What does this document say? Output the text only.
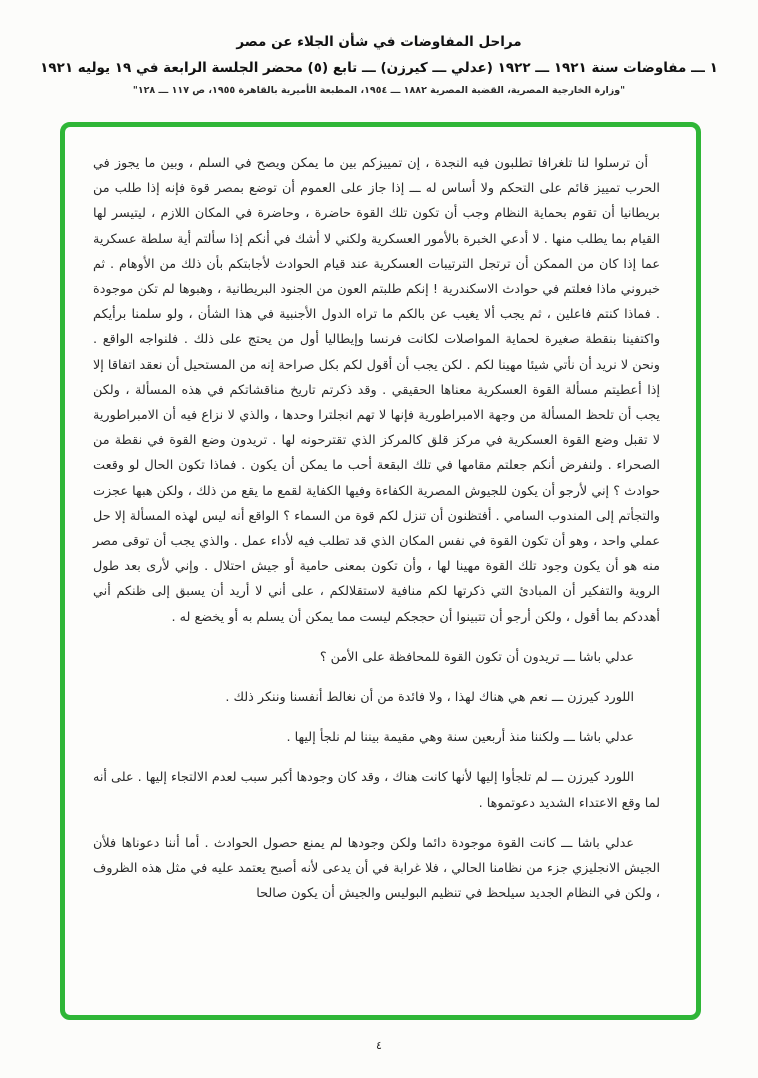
مراحل المفاوضات في شأن الجلاء عن مصر
١ ـــ مفاوضات سنة ١٩٢١ ـــ ١٩٢٢ (عدلي ـــ كيرزن) ـــ تابع (٥) محضر الجلسة الرابعة في ١٩ يوليه ١٩٢١
"وزارة الخارجية المصرية، القضية المصرية ١٨٨٢ ـــ ١٩٥٤، المطبعة الأميرية بالقاهرة ١٩٥٥، ص ١١٧ ـــ ١٢٨"

أن ترسلوا لنا تلغرافا تطلبون فيه النجدة ، إن تمييزكم بين ما يمكن ويصح في السلم ، وبين ما يجوز في الحرب تمييز قائم على التحكم ولا أساس له ـــ إذا جاز على العموم أن توضع بمصر قوة فإنه إذا طلب من بريطانيا أن تقوم بحماية النظام وجب أن تكون تلك القوة حاضرة ، وحاضرة في المكان اللازم ، ليتيسر لها القيام بما يطلب منها . لا أدعي الخبرة بالأمور العسكرية ولكني لا أشك في أنكم إذا سألتم أية سلطة عسكرية عما إذا كان من الممكن أن ترتجل الترتيبات العسكرية عند قيام الحوادث لأجابتكم بأن ذلك من الأوهام . ثم خبروني ماذا فعلتم في حوادث الاسكندرية ! إنكم طلبتم العون من الجنود البريطانية ، وهبوها لم تكن موجودة . فماذا كنتم فاعلين ، ثم يجب ألا يغيب عن بالكم ما تراه الدول الأجنبية في هذا الشأن ، ولو سلمنا برأيكم واكتفينا بنقطة صغيرة لحماية المواصلات لكانت فرنسا وإيطاليا أول من يحتج على ذلك . فلنواجه الواقع . ونحن لا نريد أن نأتي شيئا مهينا لكم . لكن يجب أن أقول لكم بكل صراحة إنه من المستحيل أن نعقد اتفاقا إلا إذا أعطيتم مسألة القوة العسكرية معناها الحقيقي . وقد ذكرتم تاريخ مناقشاتكم في هذه المسألة ، ولكن يجب أن تلحظ المسألة من وجهة الامبراطورية فإنها لا تهم انجلترا وحدها ، والذي لا نزاع فيه أن الامبراطورية لا تقبل وضع القوة العسكرية في مركز قلق كالمركز الذي تقترحونه لها . تريدون وضع القوة في نقطة من الصحراء . ولنفرض أنكم جعلتم مقامها في تلك البقعة أحب ما يمكن أن يكون . فماذا تكون الحال لو وقعت حوادث ؟ إني لأرجو أن يكون للجيوش المصرية الكفاءة وفيها الكفاية لقمع ما يقع من ذلك ، ولكن هبها عجزت والتجأتم إلى المندوب السامي . أفتظنون أن تنزل لكم قوة من السماء ؟ الواقع أنه ليس لهذه المسألة إلا حل عملي واحد ، وهو أن تكون القوة في نفس المكان الذي قد تطلب فيه لأداء عمل . والذي يجب أن توقى مصر منه هو أن يكون وجود تلك القوة مهينا لها ، وأن تكون بمعنى حامية أو جيش احتلال . وإني لأرى بعد طول الروية والتفكير أن المبادئ التي ذكرتها لكم منافية لاستقلالكم ، على أني لا أريد أن يسبق إلى ظنكم أني أهددكم بما أقول ، ولكن أرجو أن تتبينوا أن حججكم ليست مما يمكن أن يسلم به أو يخضع له .

عدلي باشا ـــ تريدون أن تكون القوة للمحافظة على الأمن ؟

اللورد كيرزن ـــ نعم هي هناك لهذا ، ولا فائدة من أن نغالط أنفسنا وننكر ذلك .

عدلي باشا ـــ ولكننا منذ أربعين سنة وهي مقيمة بيننا لم نلجأ إليها .

اللورد كيرزن ـــ لم تلجأوا إليها لأنها كانت هناك ، وقد كان وجودها أكبر سبب لعدم الالتجاء إليها . على أنه لما وقع الاعتداء الشديد دعوتموها .

عدلي باشا ـــ كانت القوة موجودة دائما ولكن وجودها لم يمنع حصول الحوادث . أما أننا دعوناها فلأن الجيش الانجليزي جزء من نظامنا الحالي ، فلا غرابة في أن يدعى لأنه أصبح يعتمد عليه في مثل هذه الظروف ، ولكن في النظام الجديد سيلحظ في تنظيم البوليس والجيش أن يكون صالحا

٤
